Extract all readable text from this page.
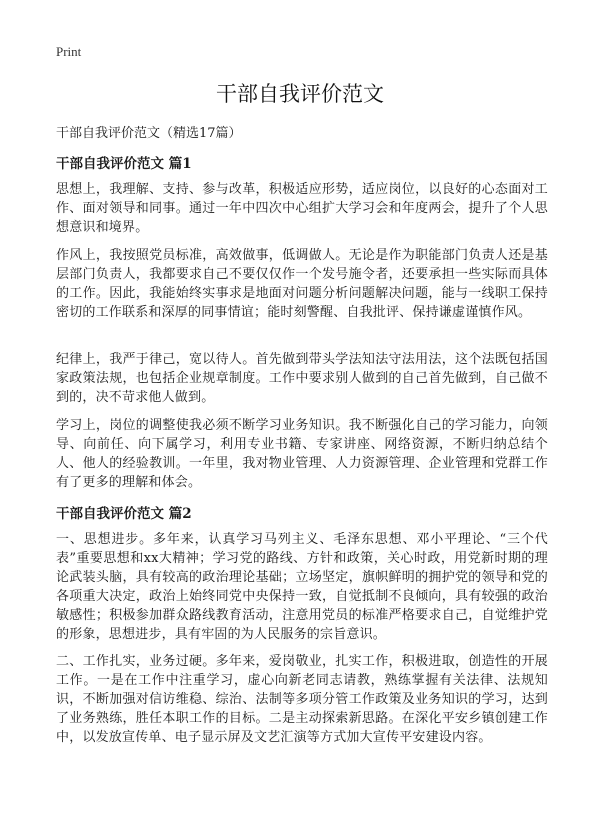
Print
干部自我评价范文

干部自我评价范文（精选17篇）

干部自我评价范文 篇1

思想上，我理解、支持、参与改革，积极适应形势，适应岗位，以良好的心态面对工作、面对领导和同事。通过一年中四次中心组扩大学习会和年度两会，提升了个人思想意识和境界。

作风上，我按照党员标准，高效做事，低调做人。无论是作为职能部门负责人还是基层部门负责人，我都要求自己不要仅仅作一个发号施令者，还要承担一些实际而具体的工作。因此，我能始终实事求是地面对问题分析问题解决问题，能与一线职工保持密切的工作联系和深厚的同事情谊；能时刻警醒、自我批评、保持谦虚谨慎作风。

纪律上，我严于律己，宽以待人。首先做到带头学法知法守法用法，这个法既包括国家政策法规，也包括企业规章制度。工作中要求别人做到的自己首先做到，自己做不到的，决不苛求他人做到。

学习上，岗位的调整使我必须不断学习业务知识。我不断强化自己的学习能力，向领导、向前任、向下属学习，利用专业书籍、专家讲座、网络资源，不断归纳总结个人、他人的经验教训。一年里，我对物业管理、人力资源管理、企业管理和党群工作有了更多的理解和体会。

干部自我评价范文 篇2

一、思想进步。多年来，认真学习马列主义、毛泽东思想、邓小平理论、“三个代表”重要思想和xx大精神；学习党的路线、方针和政策，关心时政，用党新时期的理论武装头脑，具有较高的政治理论基础；立场坚定，旗帜鲜明的拥护党的领导和党的各项重大决定，政治上始终同党中央保持一致，自觉抵制不良倾向，具有较强的政治敏感性；积极参加群众路线教育活动，注意用党员的标准严格要求自己，自觉维护党的形象，思想进步，具有牢固的为人民服务的宗旨意识。

二、工作扎实，业务过硬。多年来，爱岗敬业，扎实工作，积极进取，创造性的开展工作。一是在工作中注重学习，虚心向新老同志请教，熟练掌握有关法律、法规知识，不断加强对信访维稳、综治、法制等多项分管工作政策及业务知识的学习，达到了业务熟练，胜任本职工作的目标。二是主动探索新思路。在深化平安乡镇创建工作中，以发放宣传单、电子显示屏及文艺汇演等方式加大宣传平安建设内容。
